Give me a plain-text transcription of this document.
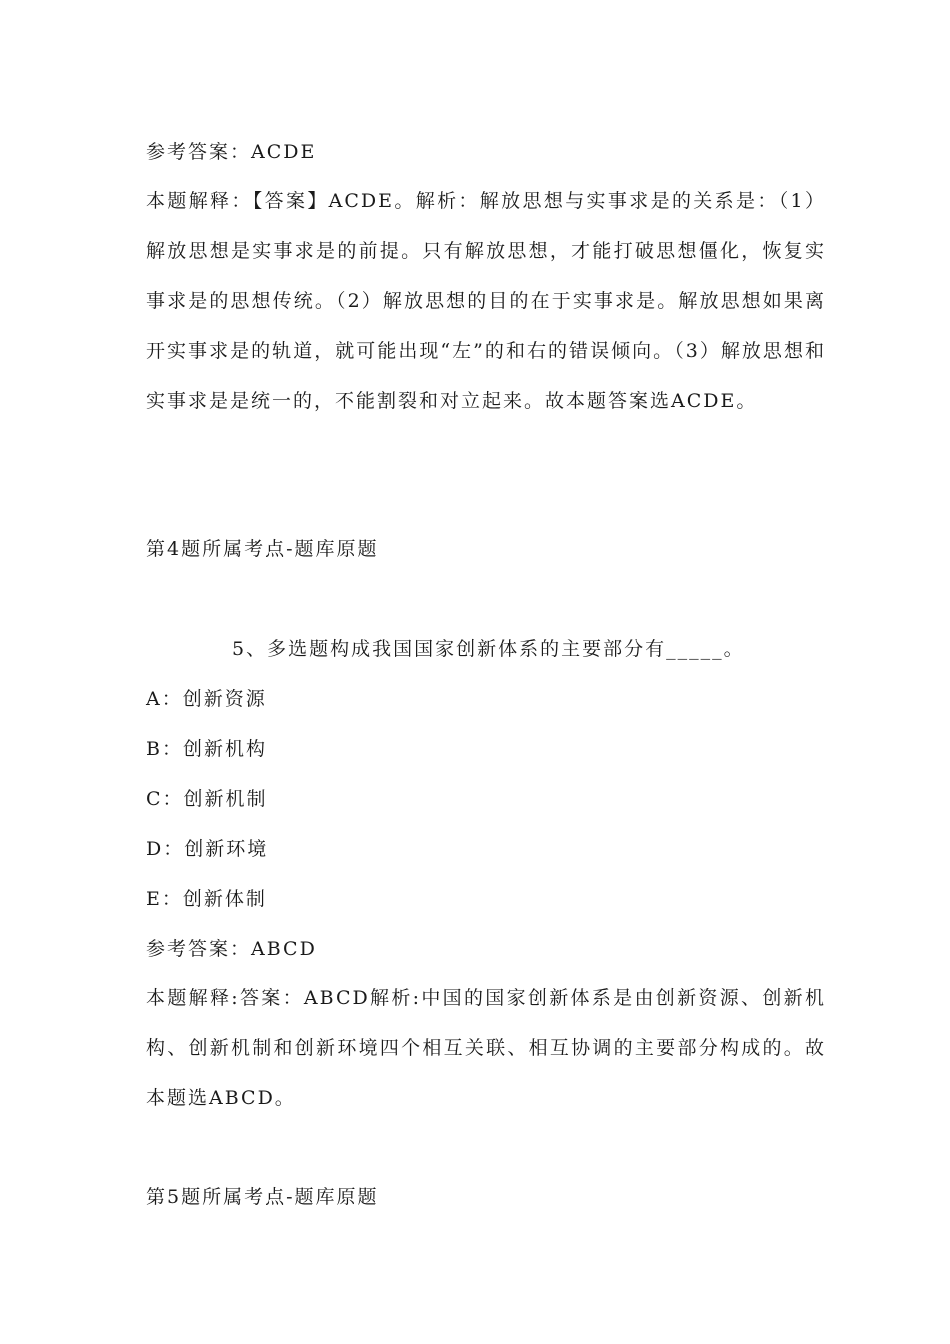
参考答案：ACDE
本题解释：【答案】ACDE。解析：解放思想与实事求是的关系是：（1）解放思想是实事求是的前提。只有解放思想，才能打破思想僵化，恢复实事求是的思想传统。（2）解放思想的目的在于实事求是。解放思想如果离开实事求是的轨道，就可能出现“左”的和右的错误倾向。（3）解放思想和实事求是是统一的，不能割裂和对立起来。故本题答案选ACDE。
第4题所属考点-题库原题
5、多选题构成我国国家创新体系的主要部分有_____。
A：创新资源
B：创新机构
C：创新机制
D：创新环境
E：创新体制
参考答案：ABCD
本题解释:答案：ABCD解析:中国的国家创新体系是由创新资源、创新机构、创新机制和创新环境四个相互关联、相互协调的主要部分构成的。故本题选ABCD。
第5题所属考点-题库原题
